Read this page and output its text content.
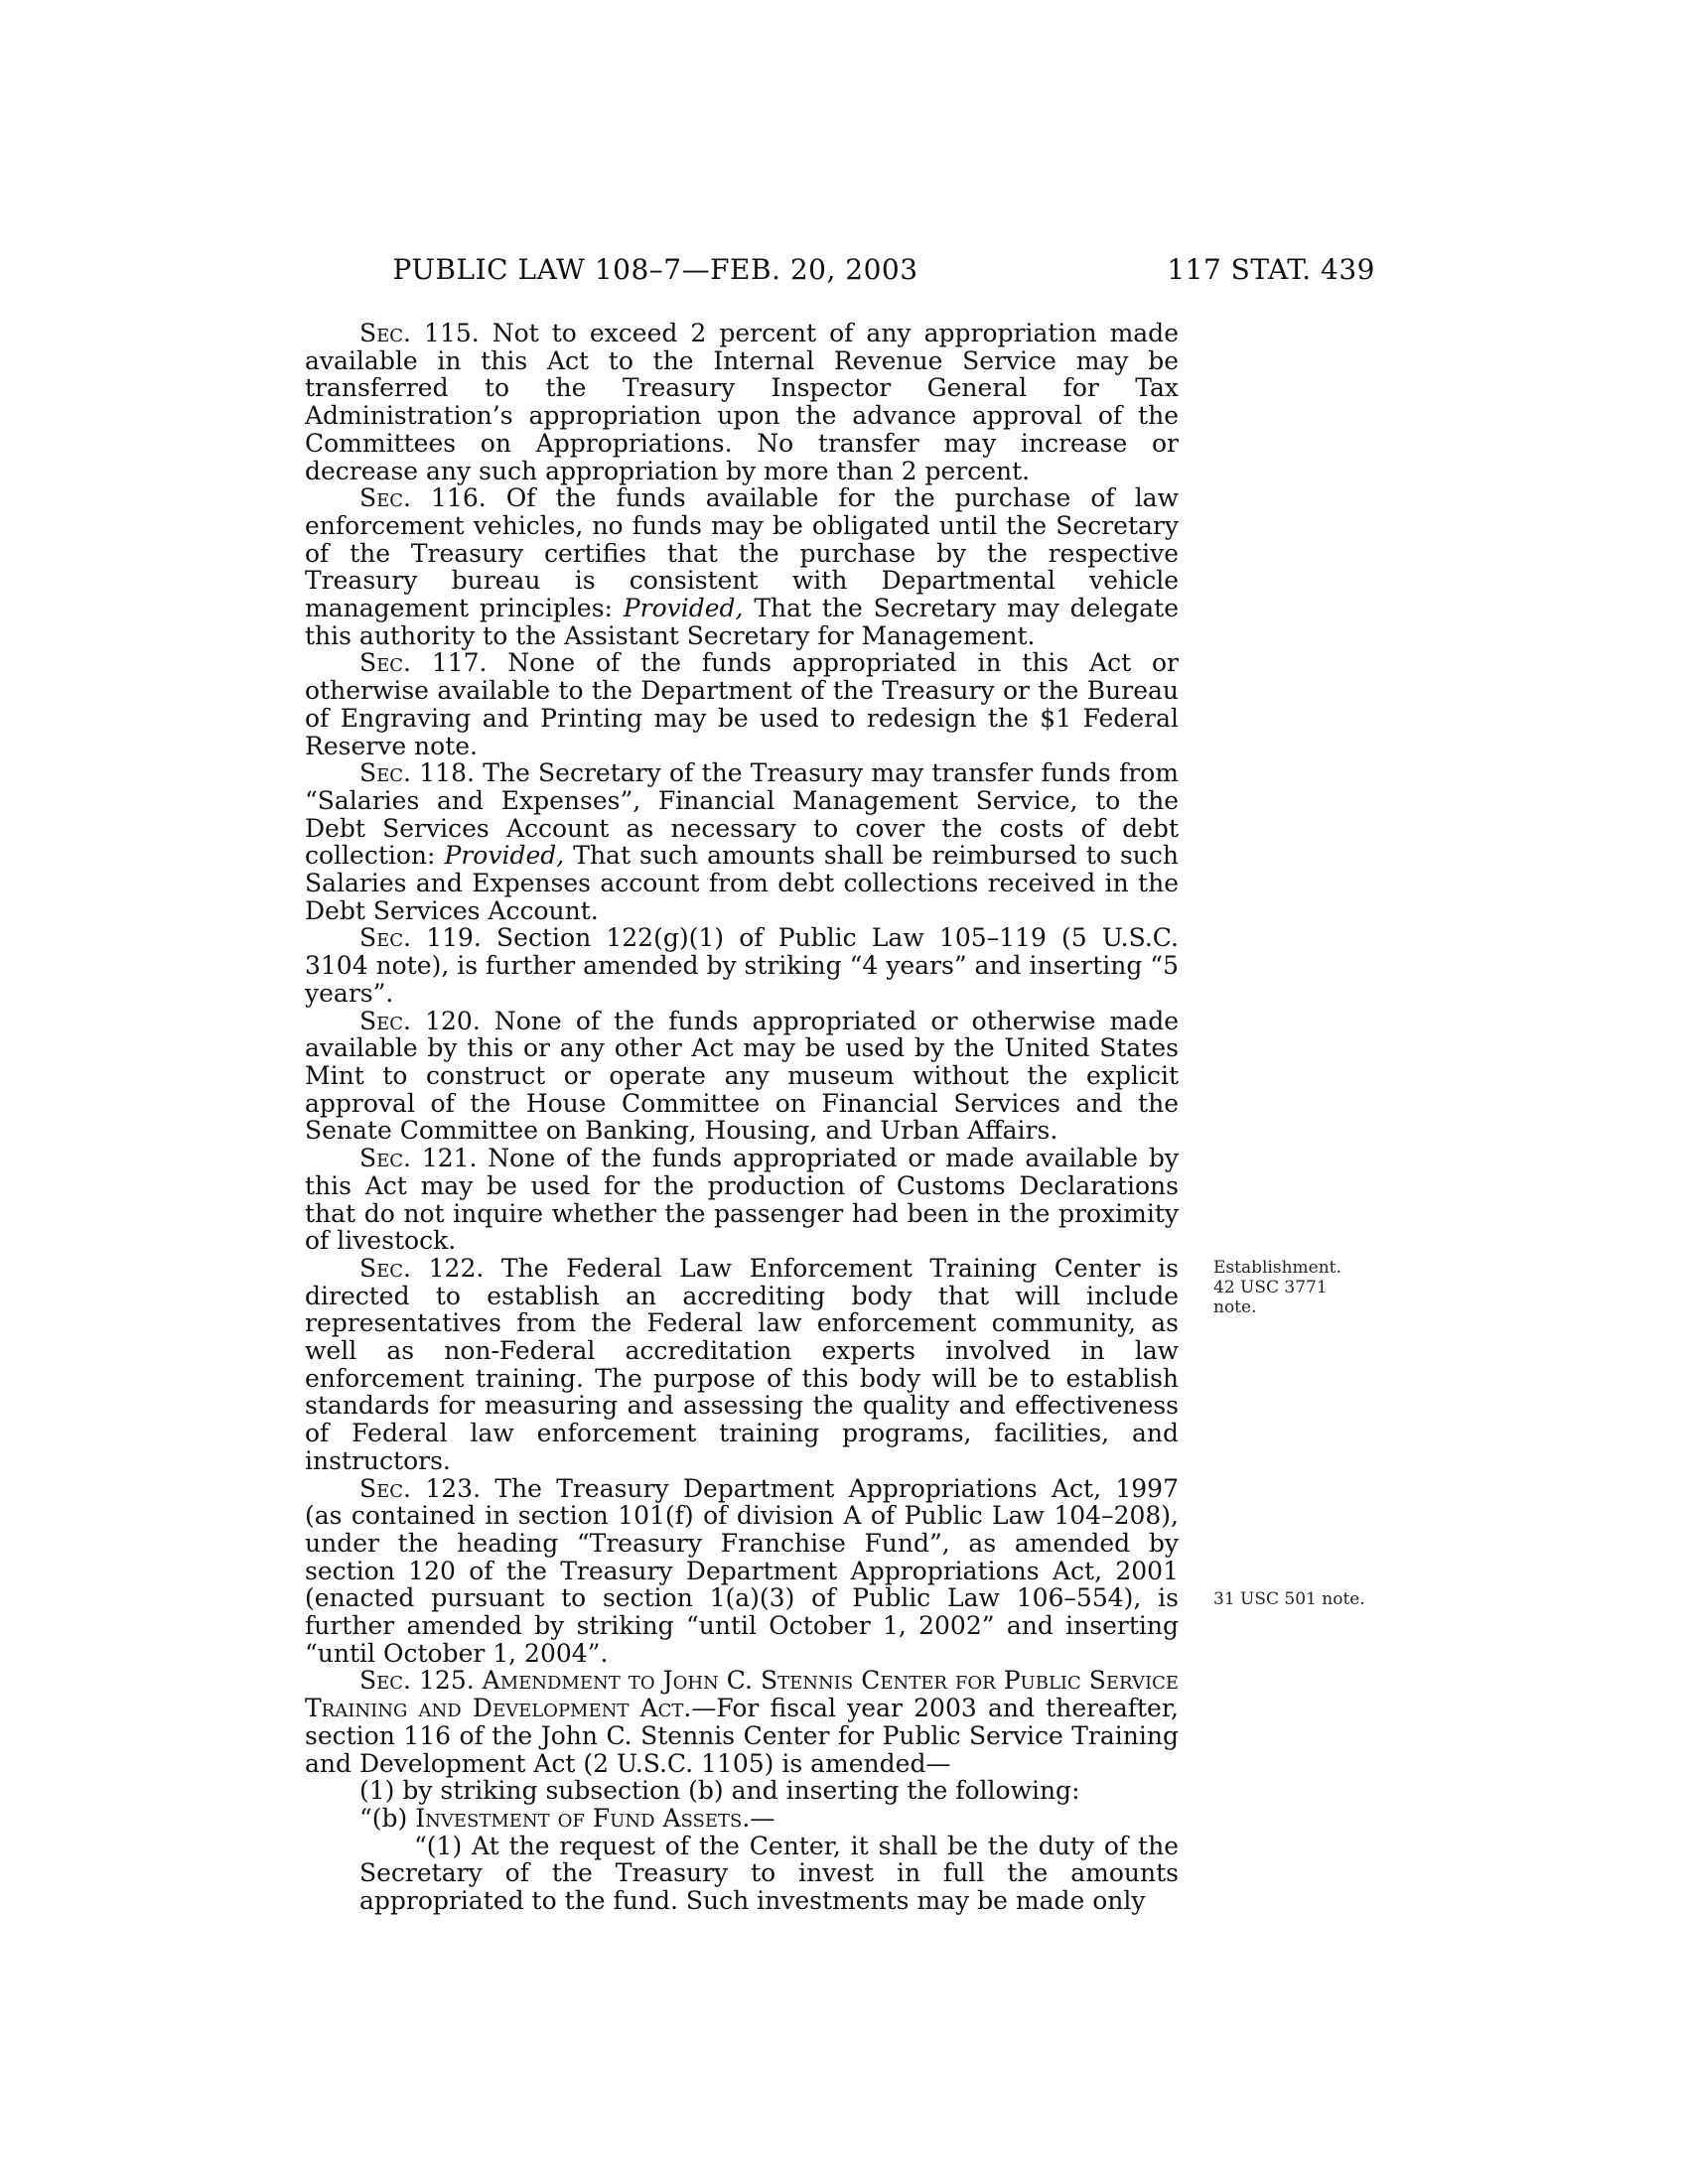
PUBLIC LAW 108–7—FEB. 20, 2003	117 STAT. 439

Sec. 115. Not to exceed 2 percent of any appropriation made available in this Act to the Internal Revenue Service may be transferred to the Treasury Inspector General for Tax Administration’s appropriation upon the advance approval of the Committees on Appropriations. No transfer may increase or decrease any such appropriation by more than 2 percent.

Sec. 116. Of the funds available for the purchase of law enforcement vehicles, no funds may be obligated until the Secretary of the Treasury certifies that the purchase by the respective Treasury bureau is consistent with Departmental vehicle management principles: Provided, That the Secretary may delegate this authority to the Assistant Secretary for Management.

Sec. 117. None of the funds appropriated in this Act or otherwise available to the Department of the Treasury or the Bureau of Engraving and Printing may be used to redesign the $1 Federal Reserve note.

Sec. 118. The Secretary of the Treasury may transfer funds from “Salaries and Expenses”, Financial Management Service, to the Debt Services Account as necessary to cover the costs of debt collection: Provided, That such amounts shall be reimbursed to such Salaries and Expenses account from debt collections received in the Debt Services Account.

Sec. 119. Section 122(g)(1) of Public Law 105–119 (5 U.S.C. 3104 note), is further amended by striking “4 years” and inserting “5 years”.

Sec. 120. None of the funds appropriated or otherwise made available by this or any other Act may be used by the United States Mint to construct or operate any museum without the explicit approval of the House Committee on Financial Services and the Senate Committee on Banking, Housing, and Urban Affairs.

Sec. 121. None of the funds appropriated or made available by this Act may be used for the production of Customs Declarations that do not inquire whether the passenger had been in the proximity of livestock.

Sec. 122. The Federal Law Enforcement Training Center is directed to establish an accrediting body that will include representatives from the Federal law enforcement community, as well as non-Federal accreditation experts involved in law enforcement training. The purpose of this body will be to establish standards for measuring and assessing the quality and effectiveness of Federal law enforcement training programs, facilities, and instructors.

Sec. 123. The Treasury Department Appropriations Act, 1997 (as contained in section 101(f) of division A of Public Law 104–208), under the heading “Treasury Franchise Fund”, as amended by section 120 of the Treasury Department Appropriations Act, 2001 (enacted pursuant to section 1(a)(3) of Public Law 106–554), is further amended by striking “until October 1, 2002” and inserting “until October 1, 2004”.

Sec. 125. Amendment to John C. Stennis Center for Public Service Training and Development Act.—For fiscal year 2003 and thereafter, section 116 of the John C. Stennis Center for Public Service Training and Development Act (2 U.S.C. 1105) is amended—

(1) by striking subsection (b) and inserting the following:

“(b) Investment of Fund Assets.—

“(1) At the request of the Center, it shall be the duty of the Secretary of the Treasury to invest in full the amounts appropriated to the fund. Such investments may be made only

Establishment.
42 USC 3771
note.
31 USC 501 note.
